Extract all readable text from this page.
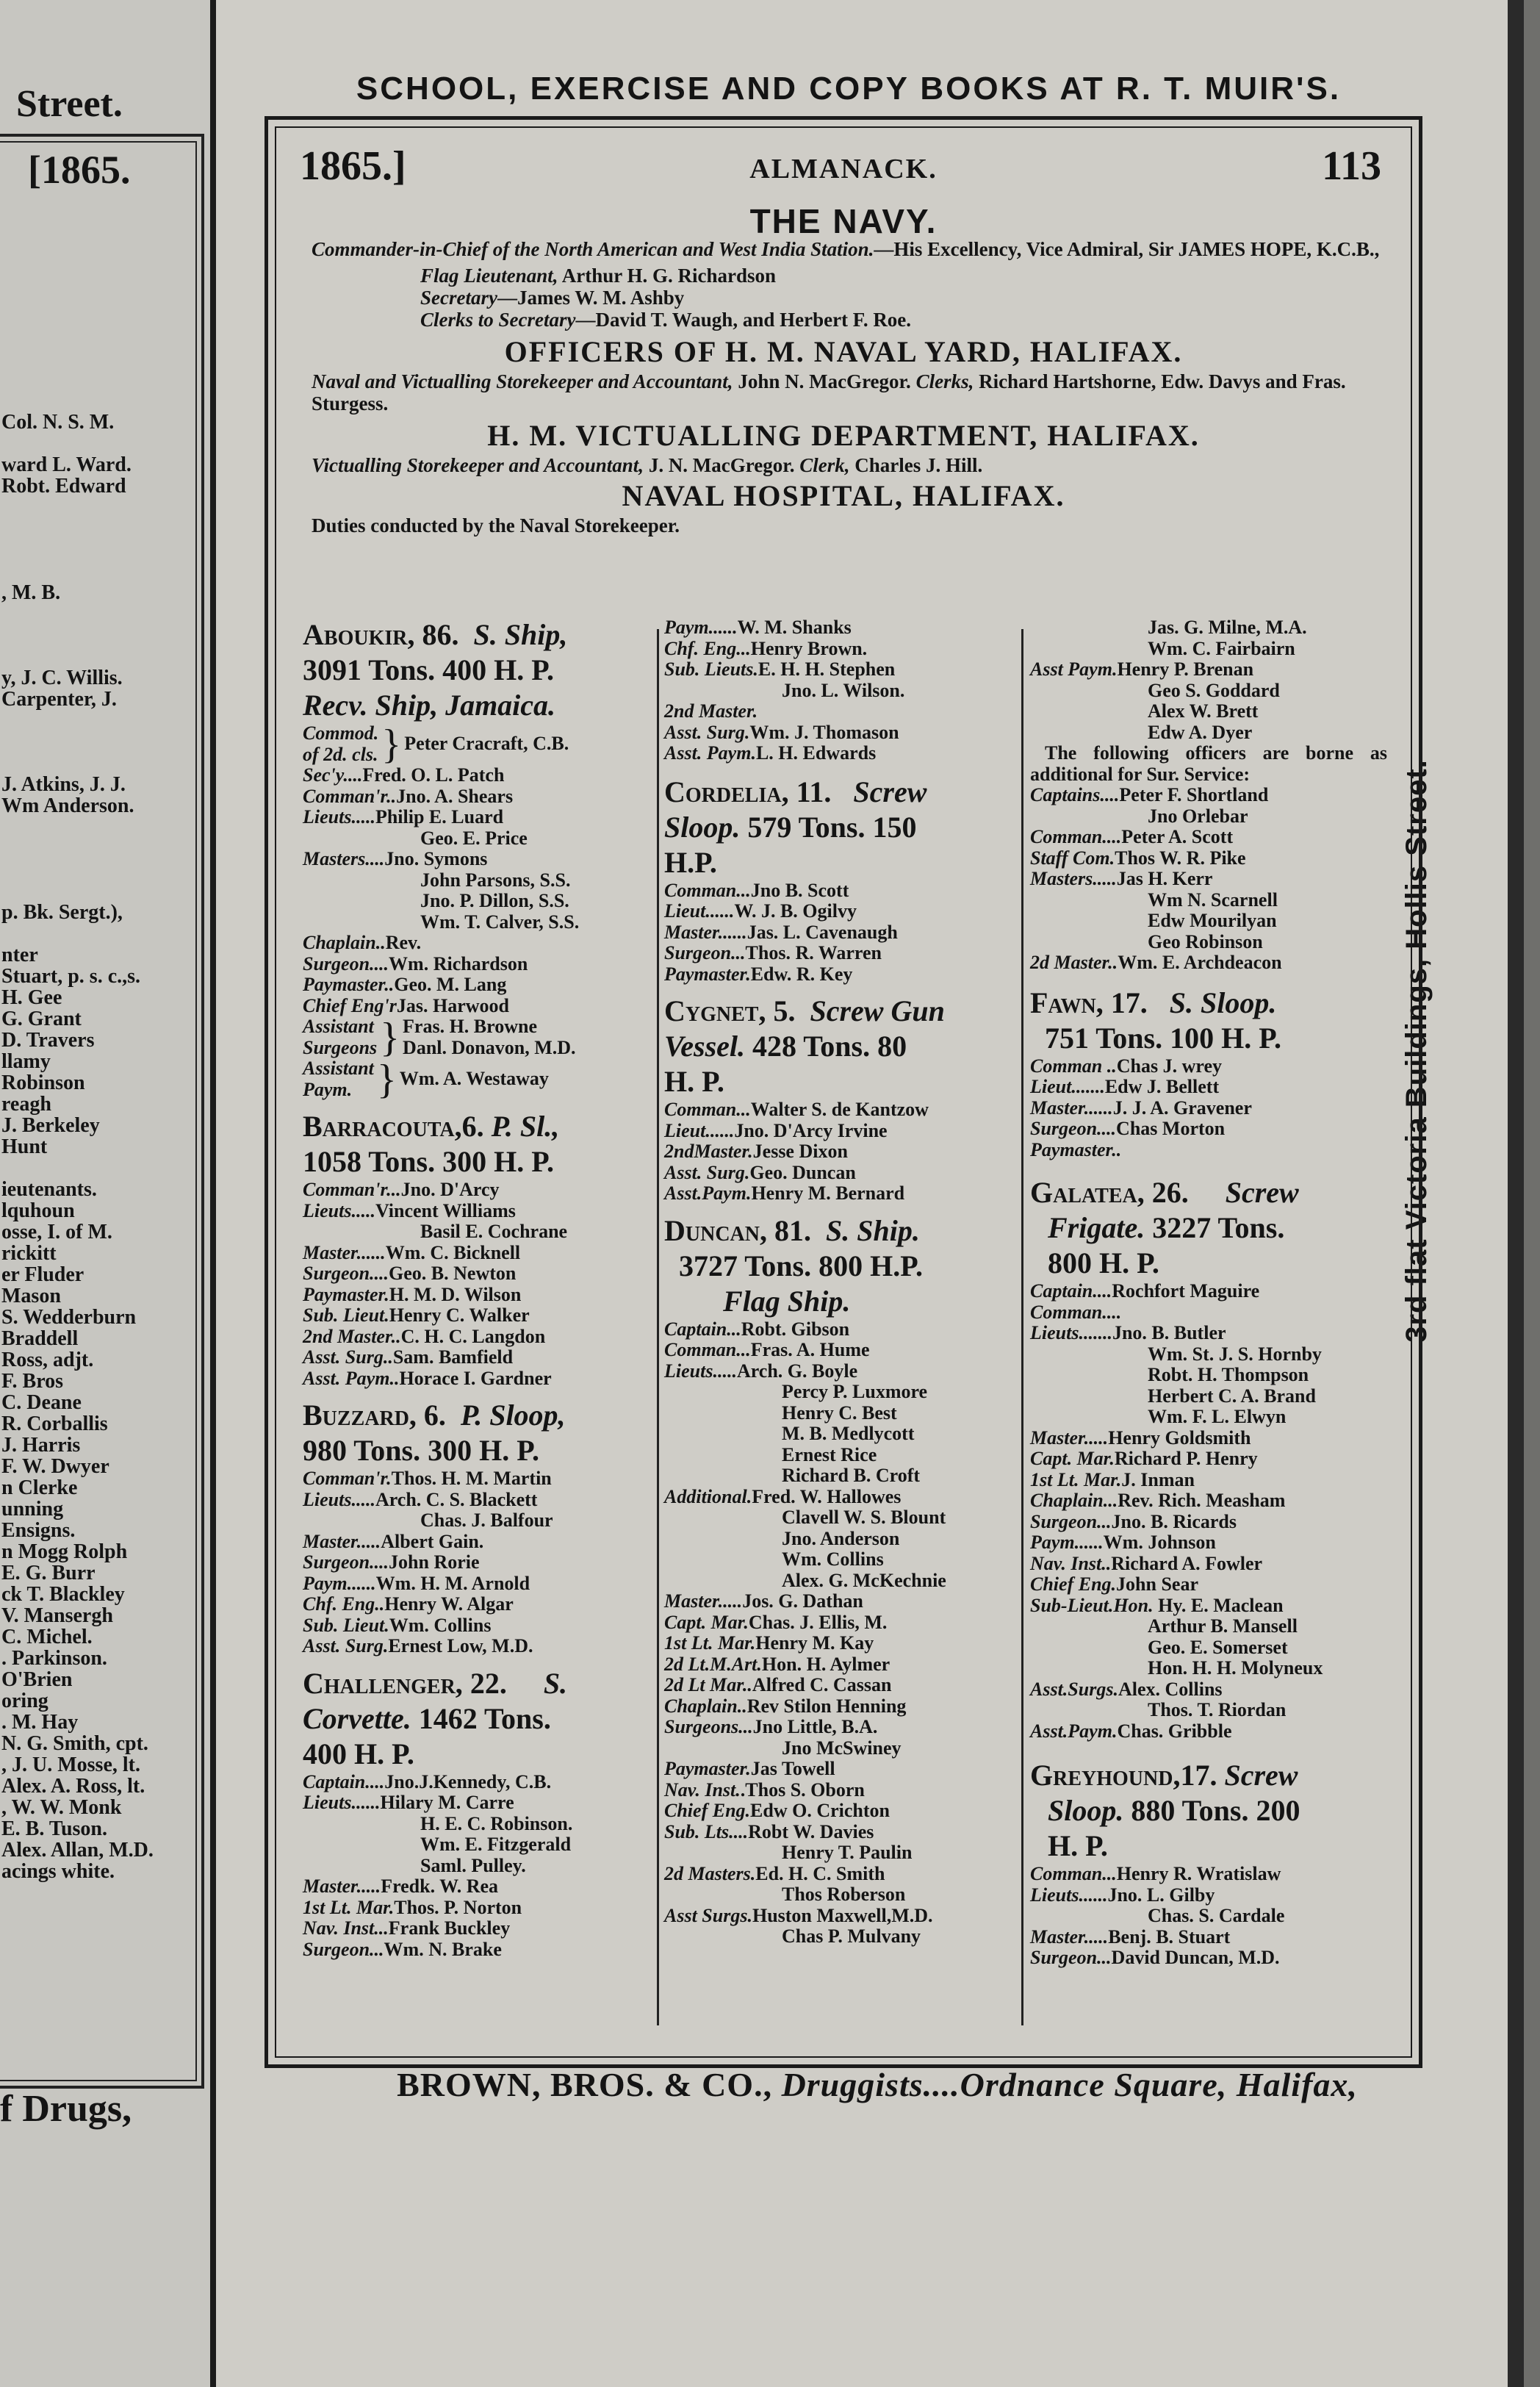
Street.
[1865.
Col. N. S. M.

ward L. Ward.
Robt. Edward

, M. B.

y, J. C. Willis.
Carpenter, J.

J. Atkins, J. J.
Wm Anderson.

p. Bk. Sergt.),

nter
Stuart, p. s. c.,s.
H. Gee
G. Grant
D. Travers
llamy
Robinson
reagh
J. Berkeley
Hunt

ieutenants.
lquhoun
osse, I. of M.
rickitt
er Fluder
Mason
S. Wedderburn
Braddell
Ross, adjt.
F. Bros
C. Deane
R. Corballis
J. Harris
F. W. Dwyer
n Clerke
unning
Ensigns.
n Mogg Rolph
E. G. Burr
ck T. Blackley
V. Mansergh
C. Michel.
. Parkinson.
O'Brien
oring
. M. Hay
N. G. Smith, cpt.
, J. U. Mosse, lt.
Alex. A. Ross, lt.
, W. W. Monk
E. B. Tuson.
Alex. Allan, M.D.
acings white.
f Drugs,
SCHOOL, EXERCISE AND COPY BOOKS AT R. T. MUIR'S.
3rd flat Victoria Buildings, Hollis Street.
BROWN, BROS. & CO., Druggists....Ordnance Square, Halifax,
1865.]	ALMANACK.	113
THE NAVY.
Commander-in-Chief of the North American and West India Station.—His Excellency, Vice Admiral, Sir JAMES HOPE, K.C.B.,
Flag Lieutenant, Arthur H. G. Richardson
Secretary—James W. M. Ashby
Clerks to Secretary—David T. Waugh, and Herbert F. Roe.
OFFICERS OF H. M. NAVAL YARD, HALIFAX.
Naval and Victualling Storekeeper and Accountant, John N. MacGregor. Clerks, Richard Hartshorne, Edw. Davys and Fras. Sturgess.
H. M. VICTUALLING DEPARTMENT, HALIFAX.
Victualling Storekeeper and Accountant, J. N. MacGregor. Clerk, Charles J. Hill.
NAVAL HOSPITAL, HALIFAX.
Duties conducted by the Naval Storekeeper.
Aboukir, 86. S. Ship,
3091 Tons. 400 H. P.
Recv. Ship, Jamaica.
Commod.
of 2d. cls. } Peter Cracraft, C.B.
Sec'y....Fred. O. L. Patch
Comman'r..Jno. A. Shears
Lieuts.....Philip E. Luard
Geo. E. Price
Masters....Jno. Symons
John Parsons, S.S.
Jno. P. Dillon, S.S.
Wm. T. Calver, S.S.
Chaplain..Rev.
Surgeon....Wm. Richardson
Paymaster..Geo. M. Lang
Chief Eng'rJas. Harwood
Assistant
Surgeons } Fras. H. Browne
Danl. Donavon, M.D.
Assistant
Paym. } Wm. A. Westaway
Barracouta,6. P. Sl.,
1058 Tons. 300 H. P.
Comman'r...Jno. D'Arcy
Lieuts.....Vincent Williams
Basil E. Cochrane
Master......Wm. C. Bicknell
Surgeon....Geo. B. Newton
Paymaster.H. M. D. Wilson
Sub. Lieut.Henry C. Walker
2nd Master..C. H. C. Langdon
Asst. Surg..Sam. Bamfield
Asst. Paym..Horace I. Gardner
Buzzard, 6. P. Sloop,
980 Tons. 300 H. P.
Comman'r.Thos. H. M. Martin
Lieuts.....Arch. C. S. Blackett
Chas. J. Balfour
Master.....Albert Gain.
Surgeon....John Rorie
Paym......Wm. H. M. Arnold
Chf. Eng..Henry W. Algar
Sub. Lieut.Wm. Collins
Asst. Surg.Ernest Low, M.D.
Challenger, 22. S.
Corvette. 1462 Tons.
400 H. P.
Captain....Jno.J.Kennedy, C.B.
Lieuts......Hilary M. Carre
H. E. C. Robinson.
Wm. E. Fitzgerald
Saml. Pulley.
Master.....Fredk. W. Rea
1st Lt. Mar.Thos. P. Norton
Nav. Inst...Frank Buckley
Surgeon...Wm. N. Brake
Paym......W. M. Shanks
Chf. Eng...Henry Brown.
Sub. Lieuts.E. H. H. Stephen
Jno. L. Wilson.
2nd Master.
Asst. Surg.Wm. J. Thomason
Asst. Paym.L. H. Edwards
Cordelia, 11. Screw
Sloop. 579 Tons. 150
H.P.
Comman...Jno B. Scott
Lieut......W. J. B. Ogilvy
Master......Jas. L. Cavenaugh
Surgeon...Thos. R. Warren
Paymaster.Edw. R. Key
Cygnet, 5. Screw Gun
Vessel. 428 Tons. 80
H. P.
Comman...Walter S. de Kantzow
Lieut......Jno. D'Arcy Irvine
2ndMaster.Jesse Dixon
Asst. Surg.Geo. Duncan
Asst.Paym.Henry M. Bernard
Duncan, 81. S. Ship.
3727 Tons. 800 H.P.
Flag Ship.
Captain...Robt. Gibson
Comman...Fras. A. Hume
Lieuts.....Arch. G. Boyle
Percy P. Luxmore
Henry C. Best
M. B. Medlycott
Ernest Rice
Richard B. Croft
Additional.Fred. W. Hallowes
Clavell W. S. Blount
Jno. Anderson
Wm. Collins
Alex. G. McKechnie
Master.....Jos. G. Dathan
Capt. Mar.Chas. J. Ellis, M.
1st Lt. Mar.Henry M. Kay
2d Lt.M.Art.Hon. H. Aylmer
2d Lt Mar..Alfred C. Cassan
Chaplain..Rev Stilon Henning
Surgeons...Jno Little, B.A.
Jno McSwiney
Paymaster.Jas Towell
Nav. Inst..Thos S. Oborn
Chief Eng.Edw O. Crichton
Sub. Lts....Robt W. Davies
Henry T. Paulin
2d Masters.Ed. H. C. Smith
Thos Roberson
Asst Surgs.Huston Maxwell,M.D.
Chas P. Mulvany
Jas. G. Milne, M.A.
Wm. C. Fairbairn
Asst Paym.Henry P. Brenan
Geo S. Goddard
Alex W. Brett
Edw A. Dyer
The following officers are borne as additional for Sur. Service:
Captains....Peter F. Shortland
Jno Orlebar
Comman....Peter A. Scott
Staff Com.Thos W. R. Pike
Masters.....Jas H. Kerr
Wm N. Scarnell
Edw Mourilyan
Geo Robinson
2d Master..Wm. E. Archdeacon
Fawn, 17. S. Sloop.
751 Tons. 100 H. P.
Comman ..Chas J. wrey
Lieut.......Edw J. Bellett
Master......J. J. A. Gravener
Surgeon....Chas Morton
Paymaster..
Galatea, 26. Screw
Frigate. 3227 Tons.
800 H. P.
Captain....Rochfort Maguire
Comman....
Lieuts.......Jno. B. Butler
Wm. St. J. S. Hornby
Robt. H. Thompson
Herbert C. A. Brand
Wm. F. L. Elwyn
Master.....Henry Goldsmith
Capt. Mar.Richard P. Henry
1st Lt. Mar.J. Inman
Chaplain...Rev. Rich. Measham
Surgeon...Jno. B. Ricards
Paym......Wm. Johnson
Nav. Inst..Richard A. Fowler
Chief Eng.John Sear
Sub-Lieut.Hon. Hy. E. Maclean
Arthur B. Mansell
Geo. E. Somerset
Hon. H. H. Molyneux
Asst.Surgs.Alex. Collins
Thos. T. Riordan
Asst.Paym.Chas. Gribble
Greyhound,17. Screw
Sloop. 880 Tons. 200
H. P.
Comman...Henry R. Wratislaw
Lieuts......Jno. L. Gilby
Chas. S. Cardale
Master.....Benj. B. Stuart
Surgeon...David Duncan, M.D.
